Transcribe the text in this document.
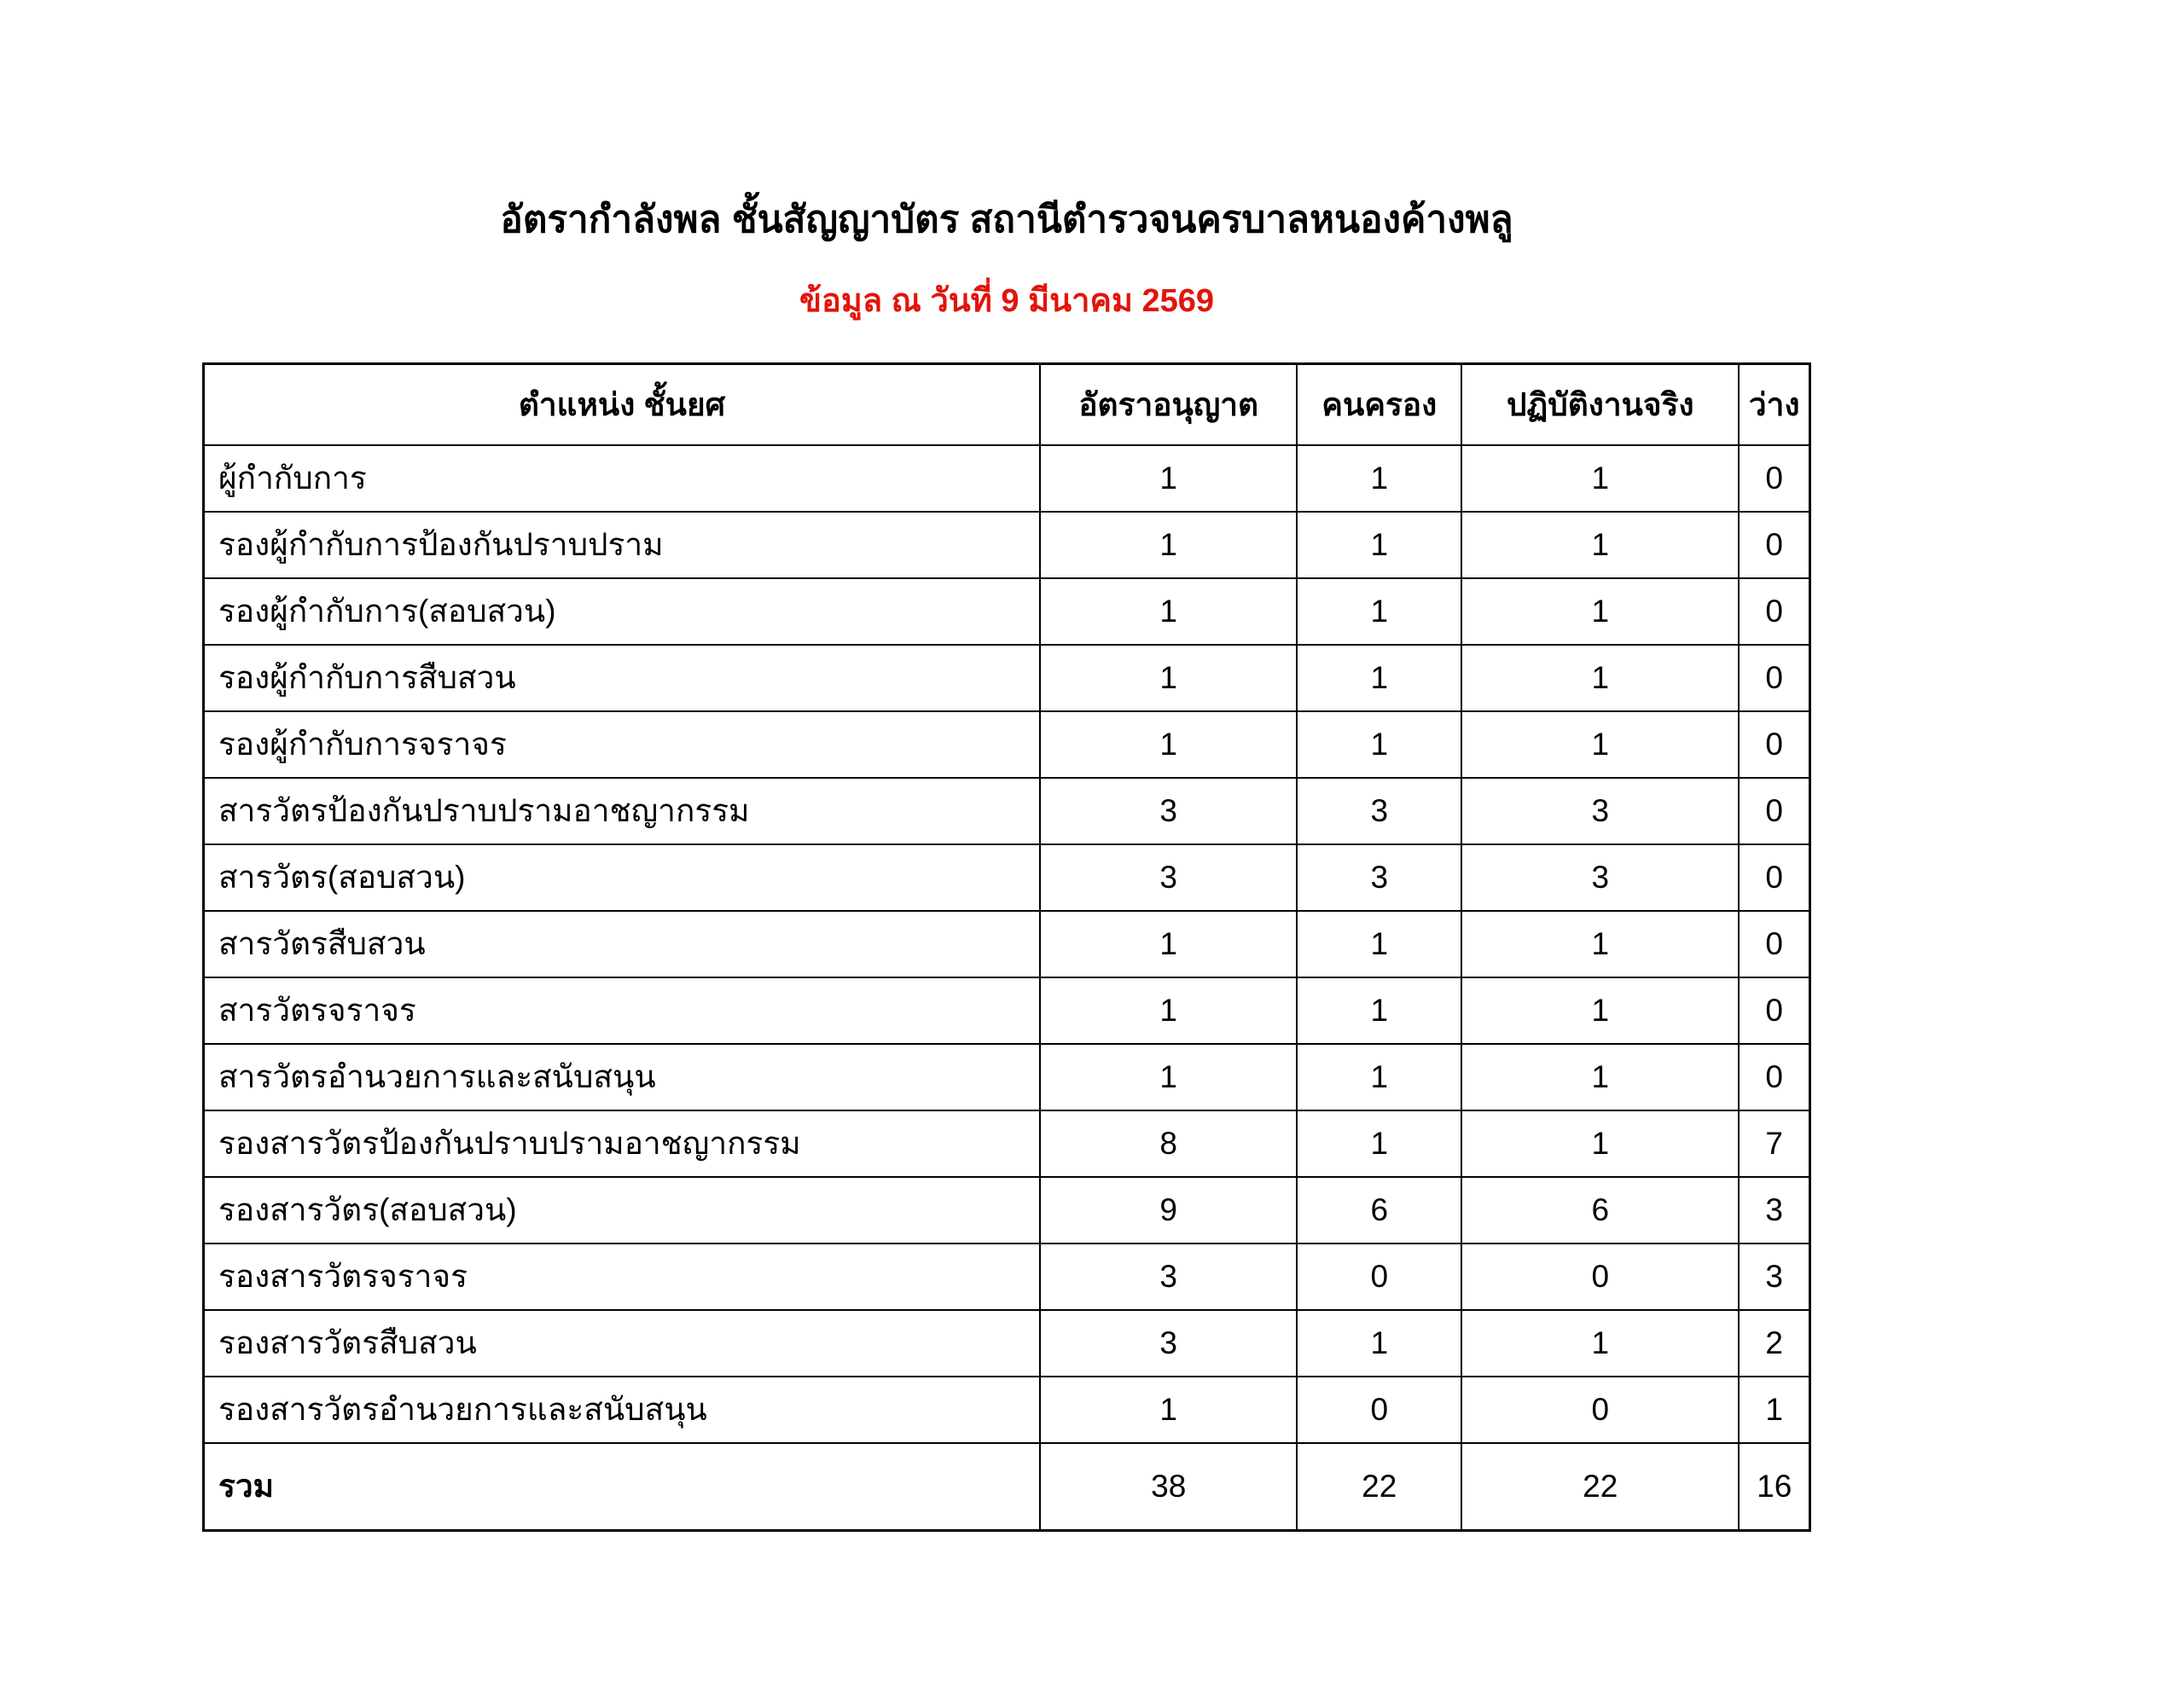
อัตรากำลังพล ชั้นสัญญาบัตร สถานีตำรวจนครบาลหนองค้างพลู
ข้อมูล ณ วันที่ 9 มีนาคม 2569
ตำแหน่ง ชั้นยศ	อัตราอนุญาต	คนครอง	ปฏิบัติงานจริง	ว่าง
ผู้กำกับการ	1	1	1	0
รองผู้กำกับการป้องกันปราบปราม	1	1	1	0
รองผู้กำกับการ(สอบสวน)	1	1	1	0
รองผู้กำกับการสืบสวน	1	1	1	0
รองผู้กำกับการจราจร	1	1	1	0
สารวัตรป้องกันปราบปรามอาชญากรรม	3	3	3	0
สารวัตร(สอบสวน)	3	3	3	0
สารวัตรสืบสวน	1	1	1	0
สารวัตรจราจร	1	1	1	0
สารวัตรอำนวยการและสนับสนุน	1	1	1	0
รองสารวัตรป้องกันปราบปรามอาชญากรรม	8	1	1	7
รองสารวัตร(สอบสวน)	9	6	6	3
รองสารวัตรจราจร	3	0	0	3
รองสารวัตรสืบสวน	3	1	1	2
รองสารวัตรอำนวยการและสนับสนุน	1	0	0	1
รวม	38	22	22	16
